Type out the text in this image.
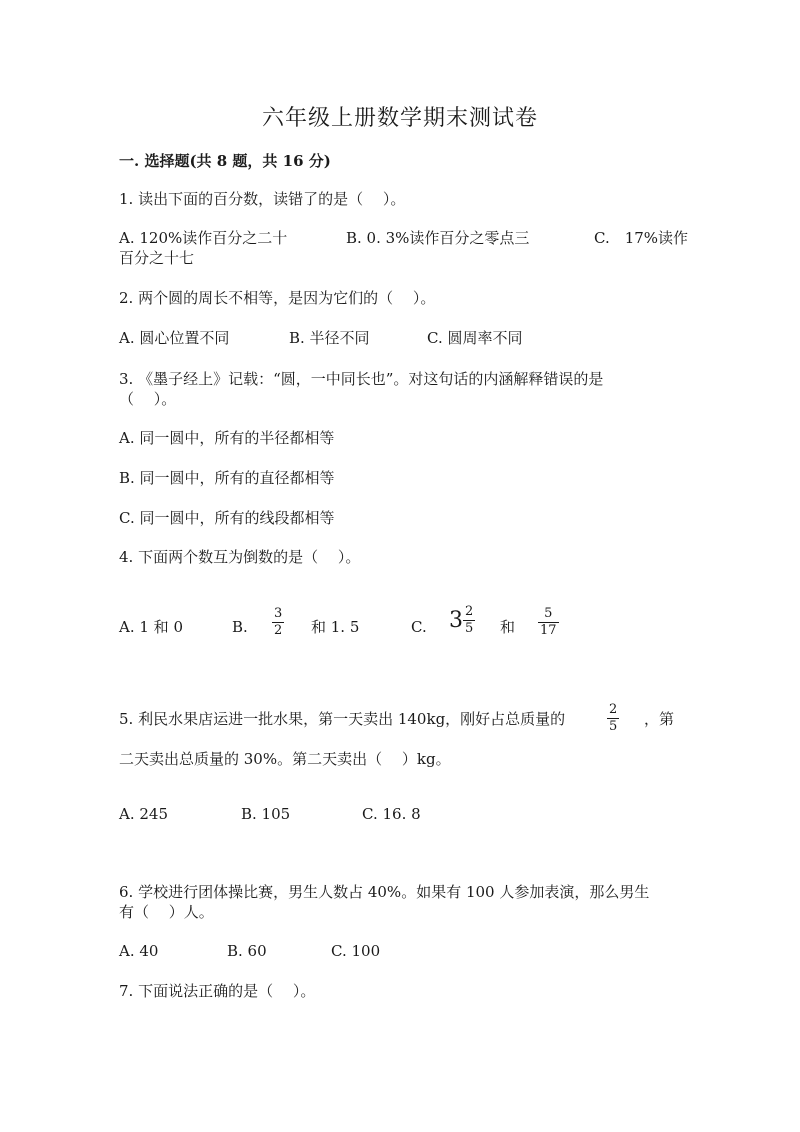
六年级上册数学期末测试卷
一. 选择题(共 8 题，共 16 分)
1. 读出下面的百分数，读错了的是（　 ）。
A. 120%读作百分之二十	B. 0. 3%读作百分之零点三	C.　17%读作
百分之十七
2. 两个圆的周长不相等，是因为它们的（　 ）。
A. 圆心位置不同	B. 半径不同	C. 圆周率不同
3. 《墨子经上》记载：“圆，一中同长也”。对这句话的内涵解释错误的是
（　 ）。
A. 同一圆中，所有的半径都相等
B. 同一圆中，所有的直径都相等
C. 同一圆中，所有的线段都相等
4. 下面两个数互为倒数的是（　 ）。
A. 1 和 0	B. $\frac{3}{2}$ 和 1. 5	C. $3 \frac{2}{5}$ 和 $\frac{5}{17}$
5. 利民水果店运进一批水果，第一天卖出 140kg，刚好占总质量的	$\frac{2}{5}$ ，第
二天卖出总质量的 30%。第二天卖出（　 ）kg。
A. 245	B. 105	C. 16. 8
6. 学校进行团体操比赛，男生人数占 40%。如果有 100 人参加表演，那么男生
有（　 ）人。
A. 40	B. 60	C. 100
7. 下面说法正确的是（　 ）。
